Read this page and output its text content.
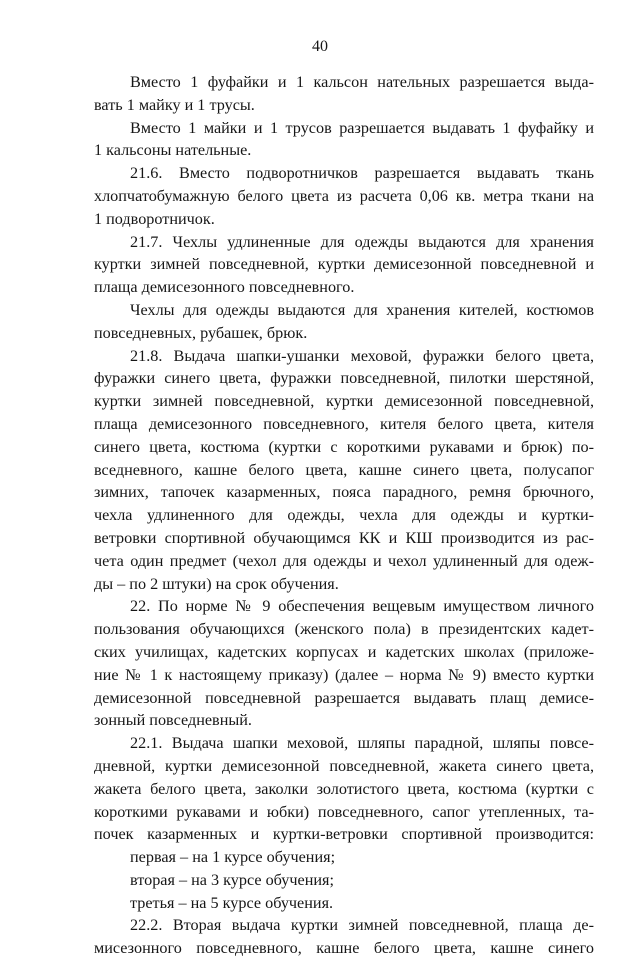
40
Вместо 1 фуфайки и 1 кальсон нательных разрешается выда-
вать 1 майку и 1 трусы.
Вместо 1 майки и 1 трусов разрешается выдавать 1 фуфайку и
1 кальсоны нательные.
21.6. Вместо подворотничков разрешается выдавать ткань
хлопчатобумажную белого цвета из расчета 0,06 кв. метра ткани на
1 подворотничок.
21.7. Чехлы удлиненные для одежды выдаются для хранения
куртки зимней повседневной, куртки демисезонной повседневной и
плаща демисезонного повседневного.
Чехлы для одежды выдаются для хранения кителей, костюмов
повседневных, рубашек, брюк.
21.8. Выдача шапки-ушанки меховой, фуражки белого цвета,
фуражки синего цвета, фуражки повседневной, пилотки шерстяной,
куртки зимней повседневной, куртки демисезонной повседневной,
плаща демисезонного повседневного, кителя белого цвета, кителя
синего цвета, костюма (куртки с короткими рукавами и брюк) по-
вседневного, кашне белого цвета, кашне синего цвета, полусапог
зимних, тапочек казарменных, пояса парадного, ремня брючного,
чехла удлиненного для одежды, чехла для одежды и куртки-
ветровки спортивной обучающимся КК и КШ производится из рас-
чета один предмет (чехол для одежды и чехол удлиненный для одеж-
ды – по 2 штуки) на срок обучения.
22. По норме № 9 обеспечения вещевым имуществом личного
пользования обучающихся (женского пола) в президентских кадет-
ских училищах, кадетских корпусах и кадетских школах (приложе-
ние № 1 к настоящему приказу) (далее – норма № 9) вместо куртки
демисезонной повседневной разрешается выдавать плащ демисе-
зонный повседневный.
22.1. Выдача шапки меховой, шляпы парадной, шляпы повсе-
дневной, куртки демисезонной повседневной, жакета синего цвета,
жакета белого цвета, заколки золотистого цвета, костюма (куртки с
короткими рукавами и юбки) повседневного, сапог утепленных, та-
почек казарменных и куртки-ветровки спортивной производится:
первая – на 1 курсе обучения;
вторая – на 3 курсе обучения;
третья – на 5 курсе обучения.
22.2. Вторая выдача куртки зимней повседневной, плаща де-
мисезонного повседневного, кашне белого цвета, кашне синего
